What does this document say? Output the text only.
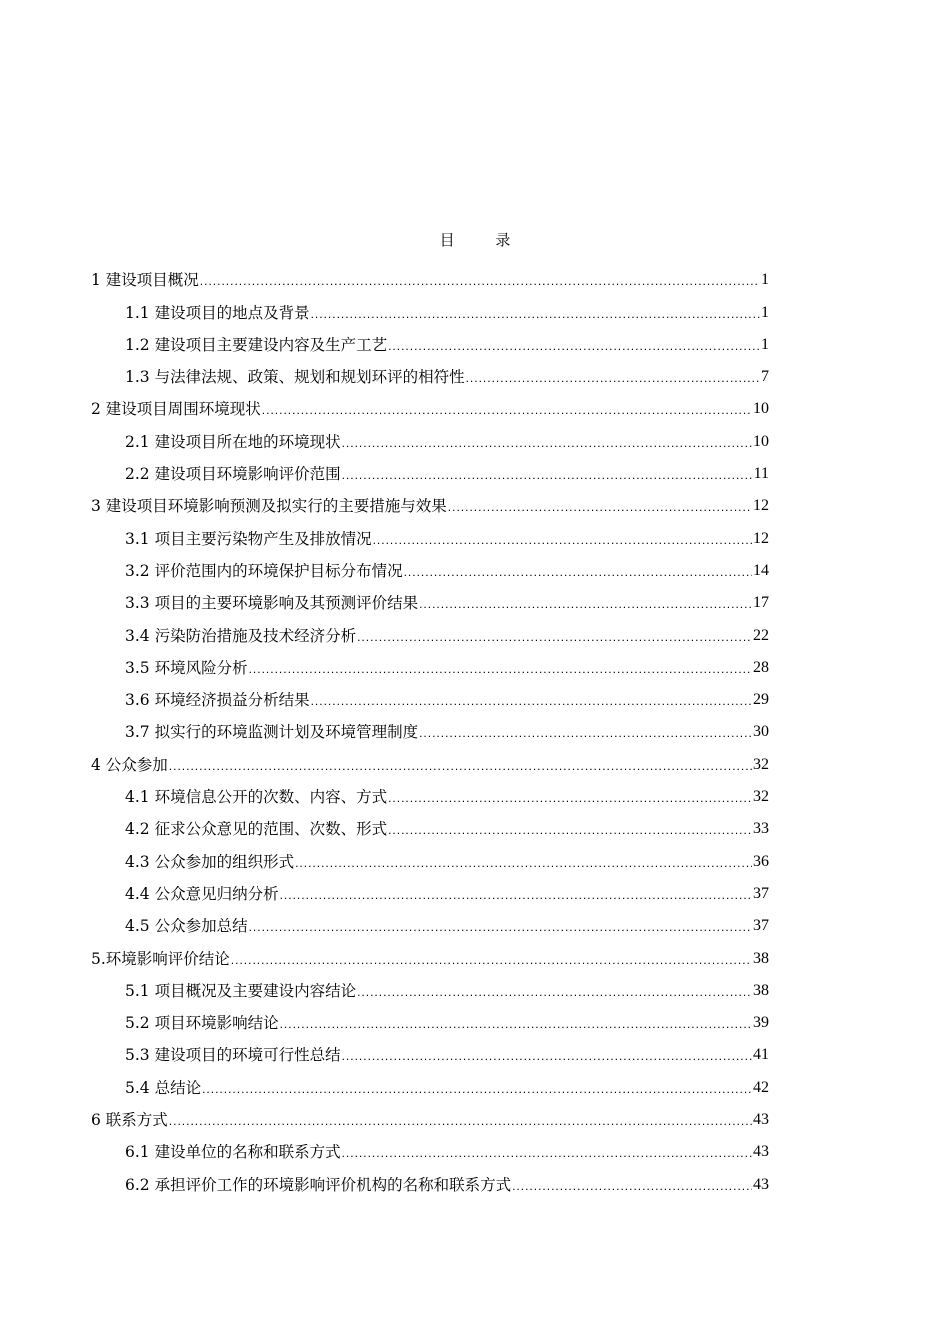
目 录
1 建设项目概况 .....	1
1.1 建设项目的地点及背景 .....	1
1.2 建设项目主要建设内容及生产工艺 .....	1
1.3 与法律法规、政策、规划和规划环评的相符性 .....	7
2 建设项目周围环境现状 .....	10
2.1 建设项目所在地的环境现状 .....	10
2.2 建设项目环境影响评价范围 .....	11
3 建设项目环境影响预测及拟实行的主要措施与效果 .....	12
3.1 项目主要污染物产生及排放情况 .....	12
3.2 评价范围内的环境保护目标分布情况 .....	14
3.3 项目的主要环境影响及其预测评价结果 .....	17
3.4 污染防治措施及技术经济分析 .....	22
3.5 环境风险分析 .....	28
3.6 环境经济损益分析结果 .....	29
3.7 拟实行的环境监测计划及环境管理制度 .....	30
4 公众参加 .....	32
4.1 环境信息公开的次数、内容、方式 .....	32
4.2 征求公众意见的范围、次数、形式 .....	33
4.3 公众参加的组织形式 .....	36
4.4 公众意见归纳分析 .....	37
4.5 公众参加总结 .....	37
5.环境影响评价结论 .....	38
5.1 项目概况及主要建设内容结论 .....	38
5.2 项目环境影响结论 .....	39
5.3 建设项目的环境可行性总结 .....	41
5.4 总结论 .....	42
6 联系方式 .....	43
6.1 建设单位的名称和联系方式 .....	43
6.2 承担评价工作的环境影响评价机构的名称和联系方式 .....	43
